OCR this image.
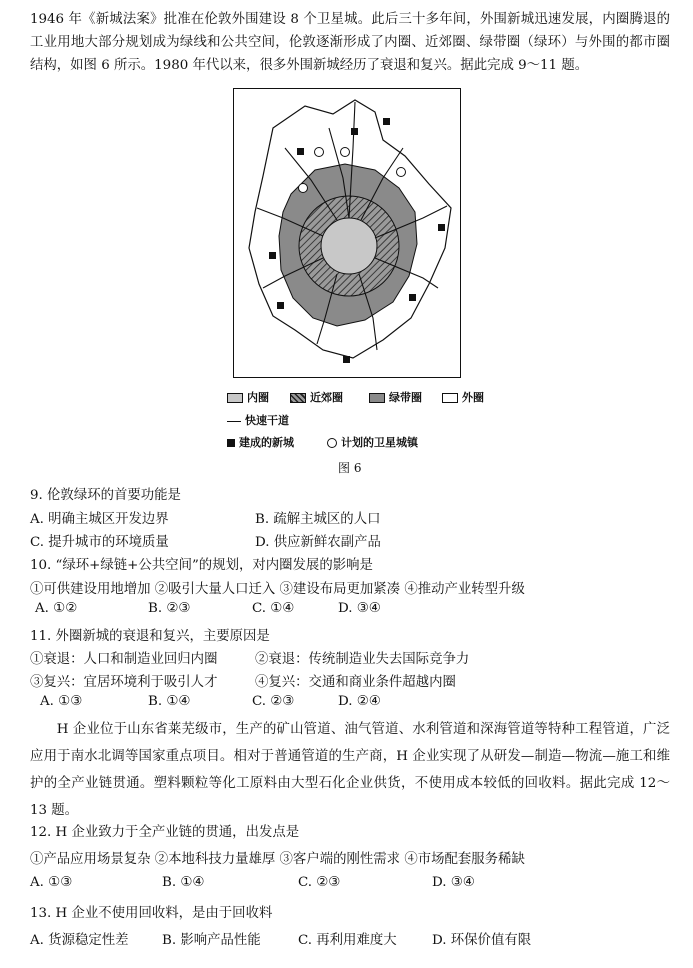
1946 年《新城法案》批准在伦敦外围建设 8 个卫星城。此后三十多年间，外围新城迅速发展，内圈腾退的工业用地大部分规划成为绿线和公共空间，伦敦逐渐形成了内圈、近郊圈、绿带圈（绿环）与外围的都市圈结构，如图 6 所示。1980 年代以来，很多外围新城经历了衰退和复兴。据此完成 9～11 题。
内圈	近郊圈	绿带圈	外圈
快速干道
建成的新城	计划的卫星城镇
图 6
9. 伦敦绿环的首要功能是
A. 明确主城区开发边界	B. 疏解主城区的人口
C. 提升城市的环境质量	D. 供应新鲜农副产品
10. “绿环+绿链+公共空间”的规划，对内圈发展的影响是
①可供建设用地增加 ②吸引大量人口迁入 ③建设布局更加紧凑 ④推动产业转型升级
A. ①②	B. ②③	C. ①④	D. ③④
11. 外圈新城的衰退和复兴，主要原因是
①衰退：人口和制造业回归内圈	②衰退：传统制造业失去国际竞争力
③复兴：宜居环境利于吸引人才	④复兴：交通和商业条件超越内圈
A. ①③	B. ①④	C. ②③	D. ②④
H 企业位于山东省莱芜级市，生产的矿山管道、油气管道、水利管道和深海管道等特种工程管道，广泛应用于南水北调等国家重点项目。相对于普通管道的生产商，H 企业实现了从研发—制造—物流—施工和维护的全产业链贯通。塑料颗粒等化工原料由大型石化企业供货，不使用成本较低的回收料。据此完成 12～13 题。
12. H 企业致力于全产业链的贯通，出发点是
①产品应用场景复杂 ②本地科技力量雄厚 ③客户端的刚性需求 ④市场配套服务稀缺
A. ①③	B. ①④	C. ②③	D. ③④
13. H 企业不使用回收料，是由于回收料
A. 货源稳定性差 B. 影响产品性能	C. 再利用难度大	D. 环保价值有限
